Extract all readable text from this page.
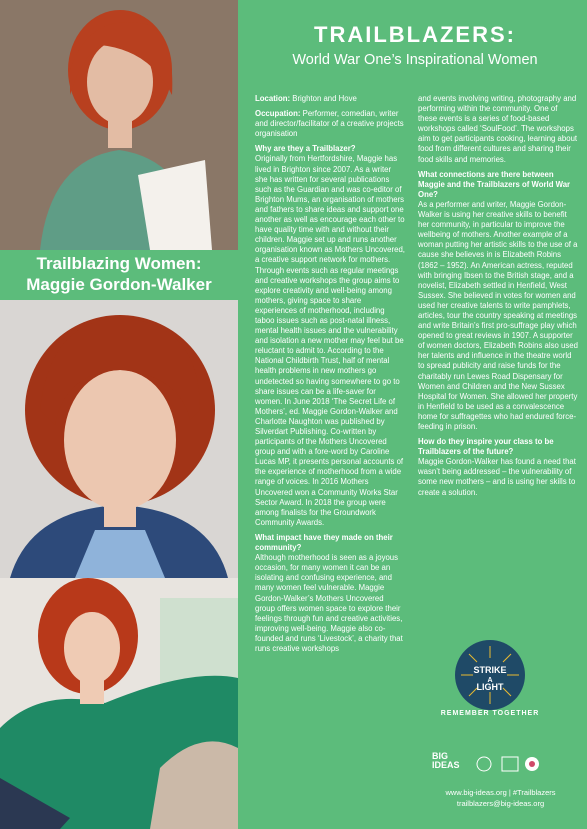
Trailblazing Women:
Maggie Gordon-Walker
TRAILBLAZERS:
World War One’s Inspirational Women

Location: Brighton and Hove

Occupation: Performer, comedian, writer and director/facilitator of a creative projects organisation

Why are they a Trailblazer?

Originally from Hertfordshire, Maggie has lived in Brighton since 2007. As a writer she has written for several publications such as the Guardian and was co-editor of Brighton Mums, an organisation of mothers and fathers to share ideas and support one another as well as encourage each other to have quality time with and without their children. Maggie set up and runs another organisation known as Mothers Uncovered, a creative support network for mothers. Through events such as regular meetings and creative workshops the group aims to explore creativity and well-being among mothers, giving space to share experiences of motherhood, including taboo issues such as post-natal illness, mental health issues and the vulnerability and isolation a new mother may feel but be reluctant to admit to. According to the National Childbirth Trust, half of mental health problems in new mothers go undetected so having somewhere to go to share issues can be a life-saver for women. In June 2018 ‘The Secret Life of Mothers’, ed. Maggie Gordon-Walker and Charlotte Naughton was published by Silverdart Publishing. Co-written by participants of the Mothers Uncovered group and with a fore-word by Caroline Lucas MP, it presents personal accounts of the experience of motherhood from a wide range of voices. In 2016 Mothers Uncovered won a Community Works Star Sector Award. In 2018 the group were among finalists for the Groundwork Community Awards.

What impact have they made on their community?

Although motherhood is seen as a joyous occasion, for many women it can be an isolating and confusing experience, and many women feel vulnerable. Maggie Gordon-Walker’s Mothers Uncovered group offers women space to explore their feelings through fun and creative activities, improving well-being. Maggie also co-founded and runs ‘Livestock’, a charity that runs creative workshops

and events involving writing, photography and performing within the community. One of these events is a series of food-based workshops called ‘SoulFood’. The workshops aim to get participants cooking, learning about food from different cultures and sharing their food skills and memories.

What connections are there between Maggie and the Trailblazers of World War One?

As a performer and writer, Maggie Gordon-Walker is using her creative skills to benefit her community, in particular to improve the wellbeing of mothers. Another example of a woman putting her artistic skills to the use of a cause she believes in is Elizabeth Robins (1862 – 1952). An American actress, reputed with bringing Ibsen to the British stage, and a novelist, Elizabeth settled in Henfield, West Sussex. She believed in votes for women and used her creative talents to write pamphlets, articles, tour the country speaking at meetings and write Britain’s first pro-suffrage play which opened to great reviews in 1907. A supporter of women doctors, Elizabeth Robins also used her talents and influence in the theatre world to spread publicity and raise funds for the charitably run Lewes Road Dispensary for Women and Children and the New Sussex Hospital for Women. She allowed her property in Henfield to be used as a convalescence home for suffragettes who had endured force-feeding in prison.

How do they inspire your class to be Trailblazers of the future?

Maggie Gordon-Walker has found a need that wasn’t being addressed – the vulnerability of some new mothers – and is using her skills to create a solution.

STRIKE
A
LIGHT
REMEMBER TOGETHER
BIG IDEAS
www.big-ideas.org | #Trailblazers
trailblazers@big-ideas.org
